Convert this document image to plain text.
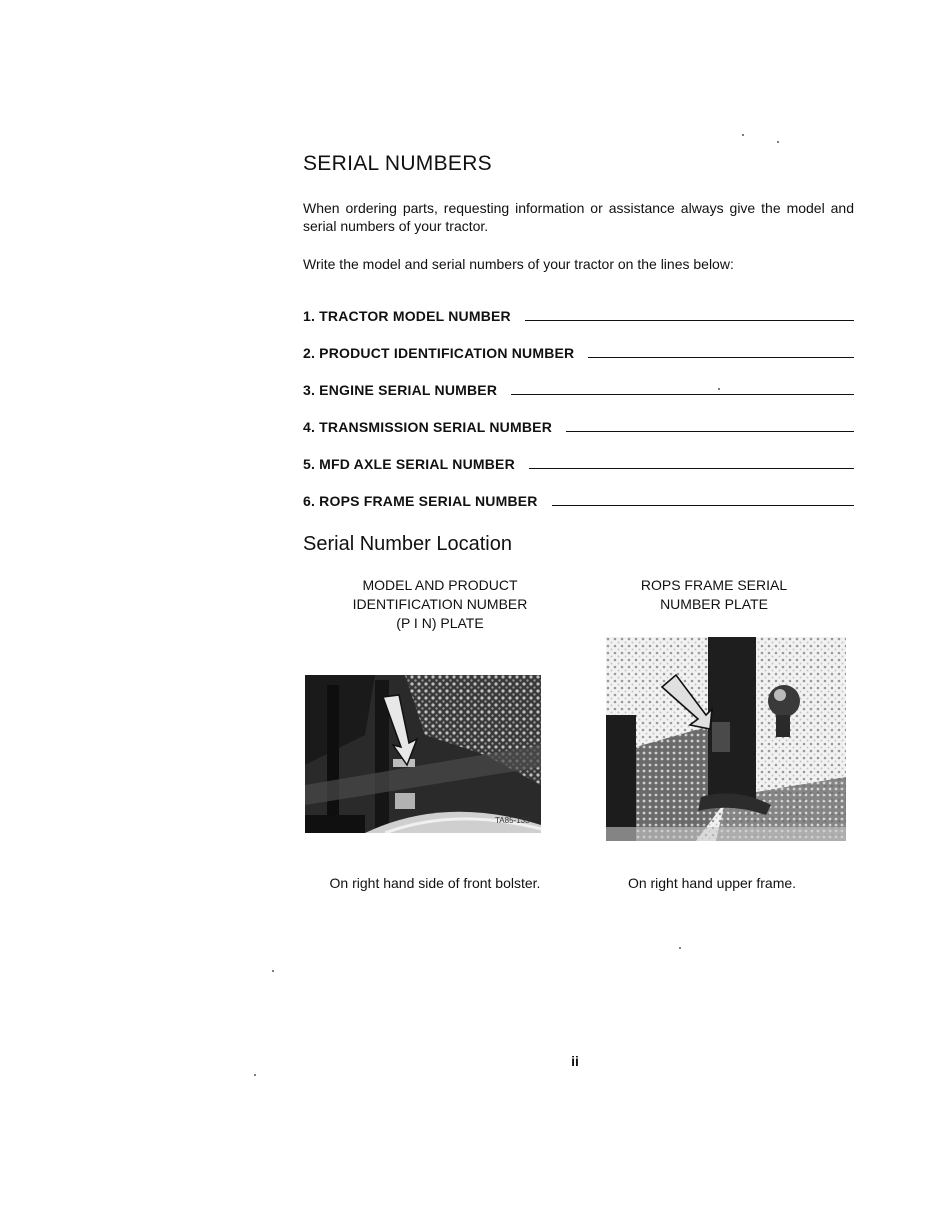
SERIAL NUMBERS

When ordering parts, requesting information or assistance always give the model and serial numbers of your tractor.

Write the model and serial numbers of your tractor on the lines below:

1. TRACTOR MODEL NUMBER
2. PRODUCT IDENTIFICATION NUMBER
3. ENGINE SERIAL NUMBER
4. TRANSMISSION SERIAL NUMBER
5. MFD AXLE SERIAL NUMBER
6. ROPS FRAME SERIAL NUMBER
Serial Number Location
MODEL AND PRODUCT
IDENTIFICATION NUMBER
(P I N) PLATE
ROPS FRAME SERIAL
NUMBER PLATE
TA85-133
On right hand side of front bolster.	On right hand upper frame.
ii
